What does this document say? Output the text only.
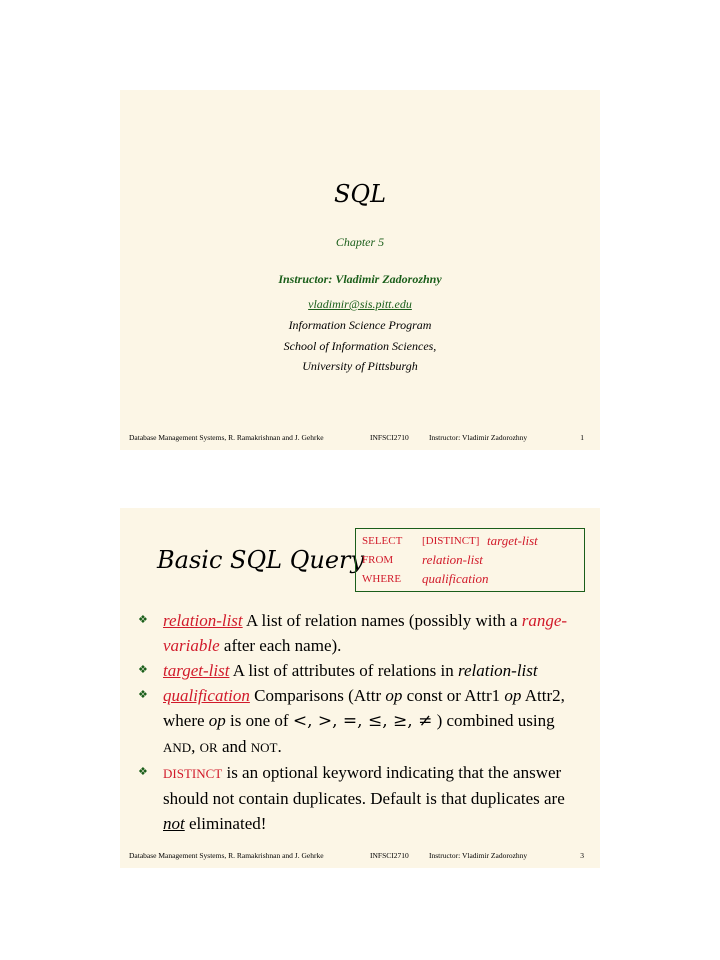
SQL
Chapter 5
Instructor: Vladimir Zadorozhny
vladimir@sis.pitt.edu
Information Science Program
School of Information Sciences,
University of Pittsburgh
Database Management Systems, R. Ramakrishnan and J. Gehrke	INFSCI2710	Instructor: Vladimir Zadorozhny	1
Basic SQL Query
SELECT [DISTINCT] target-list
FROM relation-list
WHERE qualification
❖ relation-list A list of relation names (possibly with a range-variable after each name).
❖ target-list A list of attributes of relations in relation-list
❖ qualification Comparisons (Attr op const or Attr1 op Attr2, where op is one of <, >, =, ≤, ≥, ≠ ) combined using AND, OR and NOT.
❖ DISTINCT is an optional keyword indicating that the answer should not contain duplicates. Default is that duplicates are not eliminated!
Database Management Systems, R. Ramakrishnan and J. Gehrke	INFSCI2710	Instructor: Vladimir Zadorozhny	3
